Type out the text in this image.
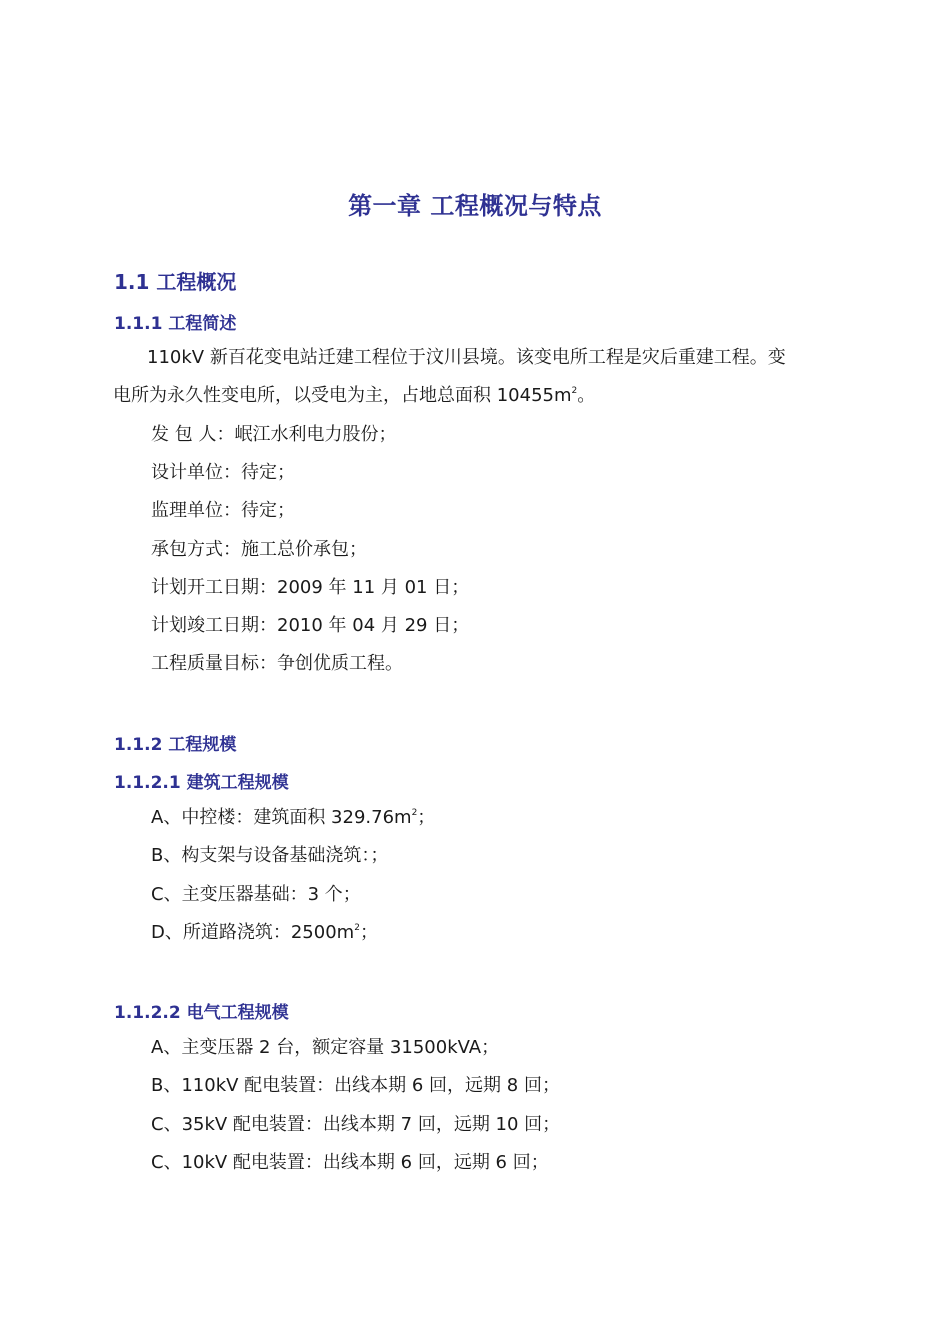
第一章 工程概况与特点
1.1 工程概况
1.1.1 工程简述
110kV 新百花变电站迁建工程位于汶川县境。该变电所工程是灾后重建工程。变
电所为永久性变电所，以受电为主，占地总面积 $10455m^2$。
发 包 人：岷江水利电力股份；
设计单位：待定；
监理单位：待定；
承包方式：施工总价承包；
计划开工日期：2009 年 11 月 01 日；
计划竣工日期：2010 年 04 月 29 日；
工程质量目标：争创优质工程。
1.1.2 工程规模
1.1.2.1 建筑工程规模
A、中控楼：建筑面积 $329.76m^2$；
B、构支架与设备基础浇筑：；
C、主变压器基础：3 个；
D、所道路浇筑：$2500m^2$；
1.1.2.2 电气工程规模
A、主变压器 2 台，额定容量 31500kVA；
B、110kV 配电装置：出线本期 6 回，远期 8 回；
C、35kV 配电装置：出线本期 7 回，远期 10 回；
C、10kV 配电装置：出线本期 6 回，远期 6 回；
